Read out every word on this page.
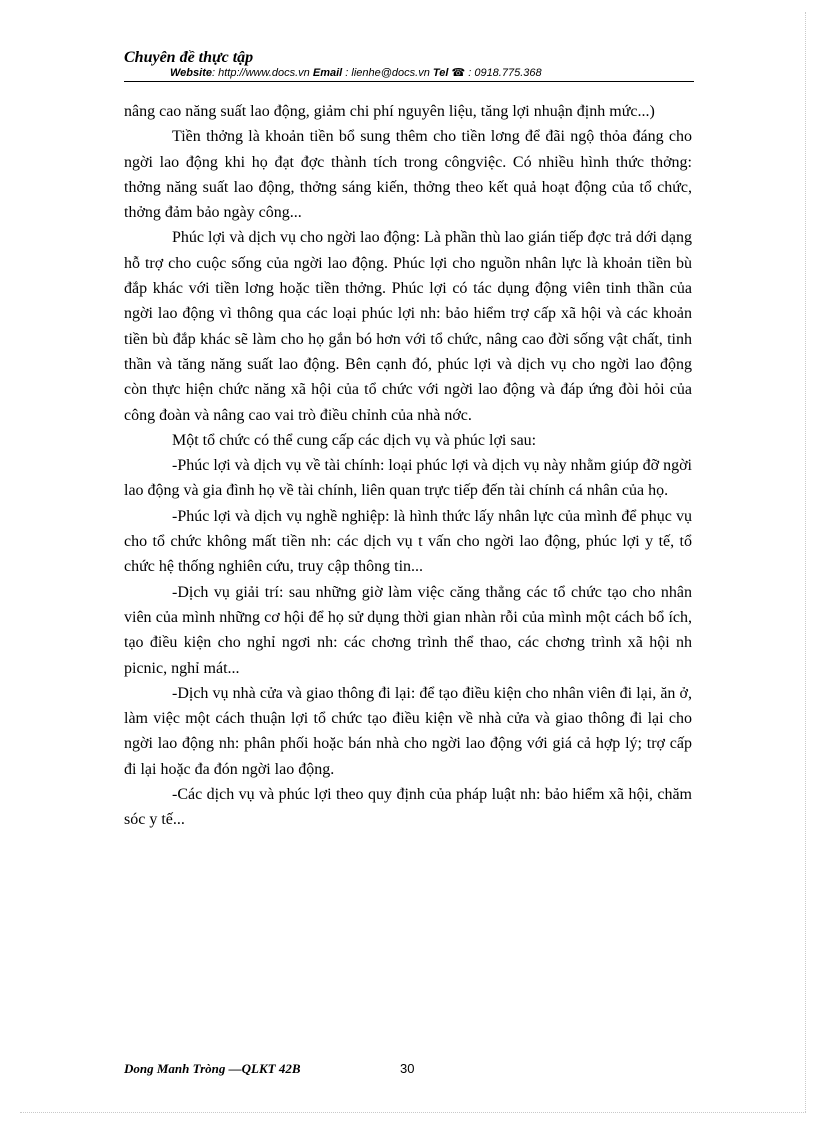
Chuyên đề thực tập
Website: http://www.docs.vn Email : lienhe@docs.vn Tel ☎ : 0918.775.368

nâng cao năng suất lao động, giảm chi phí nguyên liệu, tăng lợi nhuận định mức...)

Tiền thởng là khoản tiền bổ sung thêm cho tiền lơng để đãi ngộ thỏa đáng cho ngời lao động khi họ đạt đợc thành tích trong côngviệc. Có nhiều hình thức thởng: thởng năng suất lao động, thởng sáng kiến, thởng theo kết quả hoạt động của tổ chức, thởng đảm bảo ngày công...

Phúc lợi và dịch vụ cho ngời lao động: Là phần thù lao gián tiếp đợc trả dới dạng hỗ trợ cho cuộc sống của ngời lao động. Phúc lợi cho nguồn nhân lực là khoản tiền bù đắp khác với tiền lơng hoặc tiền thởng. Phúc lợi có tác dụng động viên tinh thần của ngời lao động vì thông qua các loại phúc lợi nh: bảo hiểm trợ cấp xã hội và các khoản tiền bù đắp khác sẽ làm cho họ gắn bó hơn với tổ chức, nâng cao đời sống vật chất, tinh thần và tăng năng suất lao động. Bên cạnh đó, phúc lợi và dịch vụ cho ngời lao động còn thực hiện chức năng xã hội của tổ chức với ngời lao động và đáp ứng đòi hỏi của công đoàn và nâng cao vai trò điều chỉnh của nhà nớc.

Một tổ chức có thể cung cấp các dịch vụ và phúc lợi sau:

-Phúc lợi và dịch vụ về tài chính: loại phúc lợi và dịch vụ này nhằm giúp đỡ ngời lao động và gia đình họ về tài chính, liên quan trực tiếp đến tài chính cá nhân của họ.

-Phúc lợi và dịch vụ nghề nghiệp: là hình thức lấy nhân lực của mình để phục vụ cho tổ chức không mất tiền nh: các dịch vụ t vấn cho ngời lao động, phúc lợi y tế, tổ chức hệ thống nghiên cứu, truy cập thông tin...

-Dịch vụ giải trí: sau những giờ làm việc căng thẳng các tổ chức tạo cho nhân viên của mình những cơ hội để họ sử dụng thời gian nhàn rỗi của mình một cách bổ ích, tạo điều kiện cho nghỉ ngơi nh: các chơng trình thể thao, các chơng trình xã hội nh picnic, nghỉ mát...

-Dịch vụ nhà cửa và giao thông đi lại: để tạo điều kiện cho nhân viên đi lại, ăn ở, làm việc một cách thuận lợi tổ chức tạo điều kiện về nhà cửa và giao thông đi lại cho ngời lao động nh: phân phối hoặc bán nhà cho ngời lao động với giá cả hợp lý; trợ cấp đi lại hoặc đa đón ngời lao động.

-Các dịch vụ và phúc lợi theo quy định của pháp luật nh: bảo hiểm xã hội, chăm sóc y tế...

Dong Manh Tròng —QLKT 42B	30
